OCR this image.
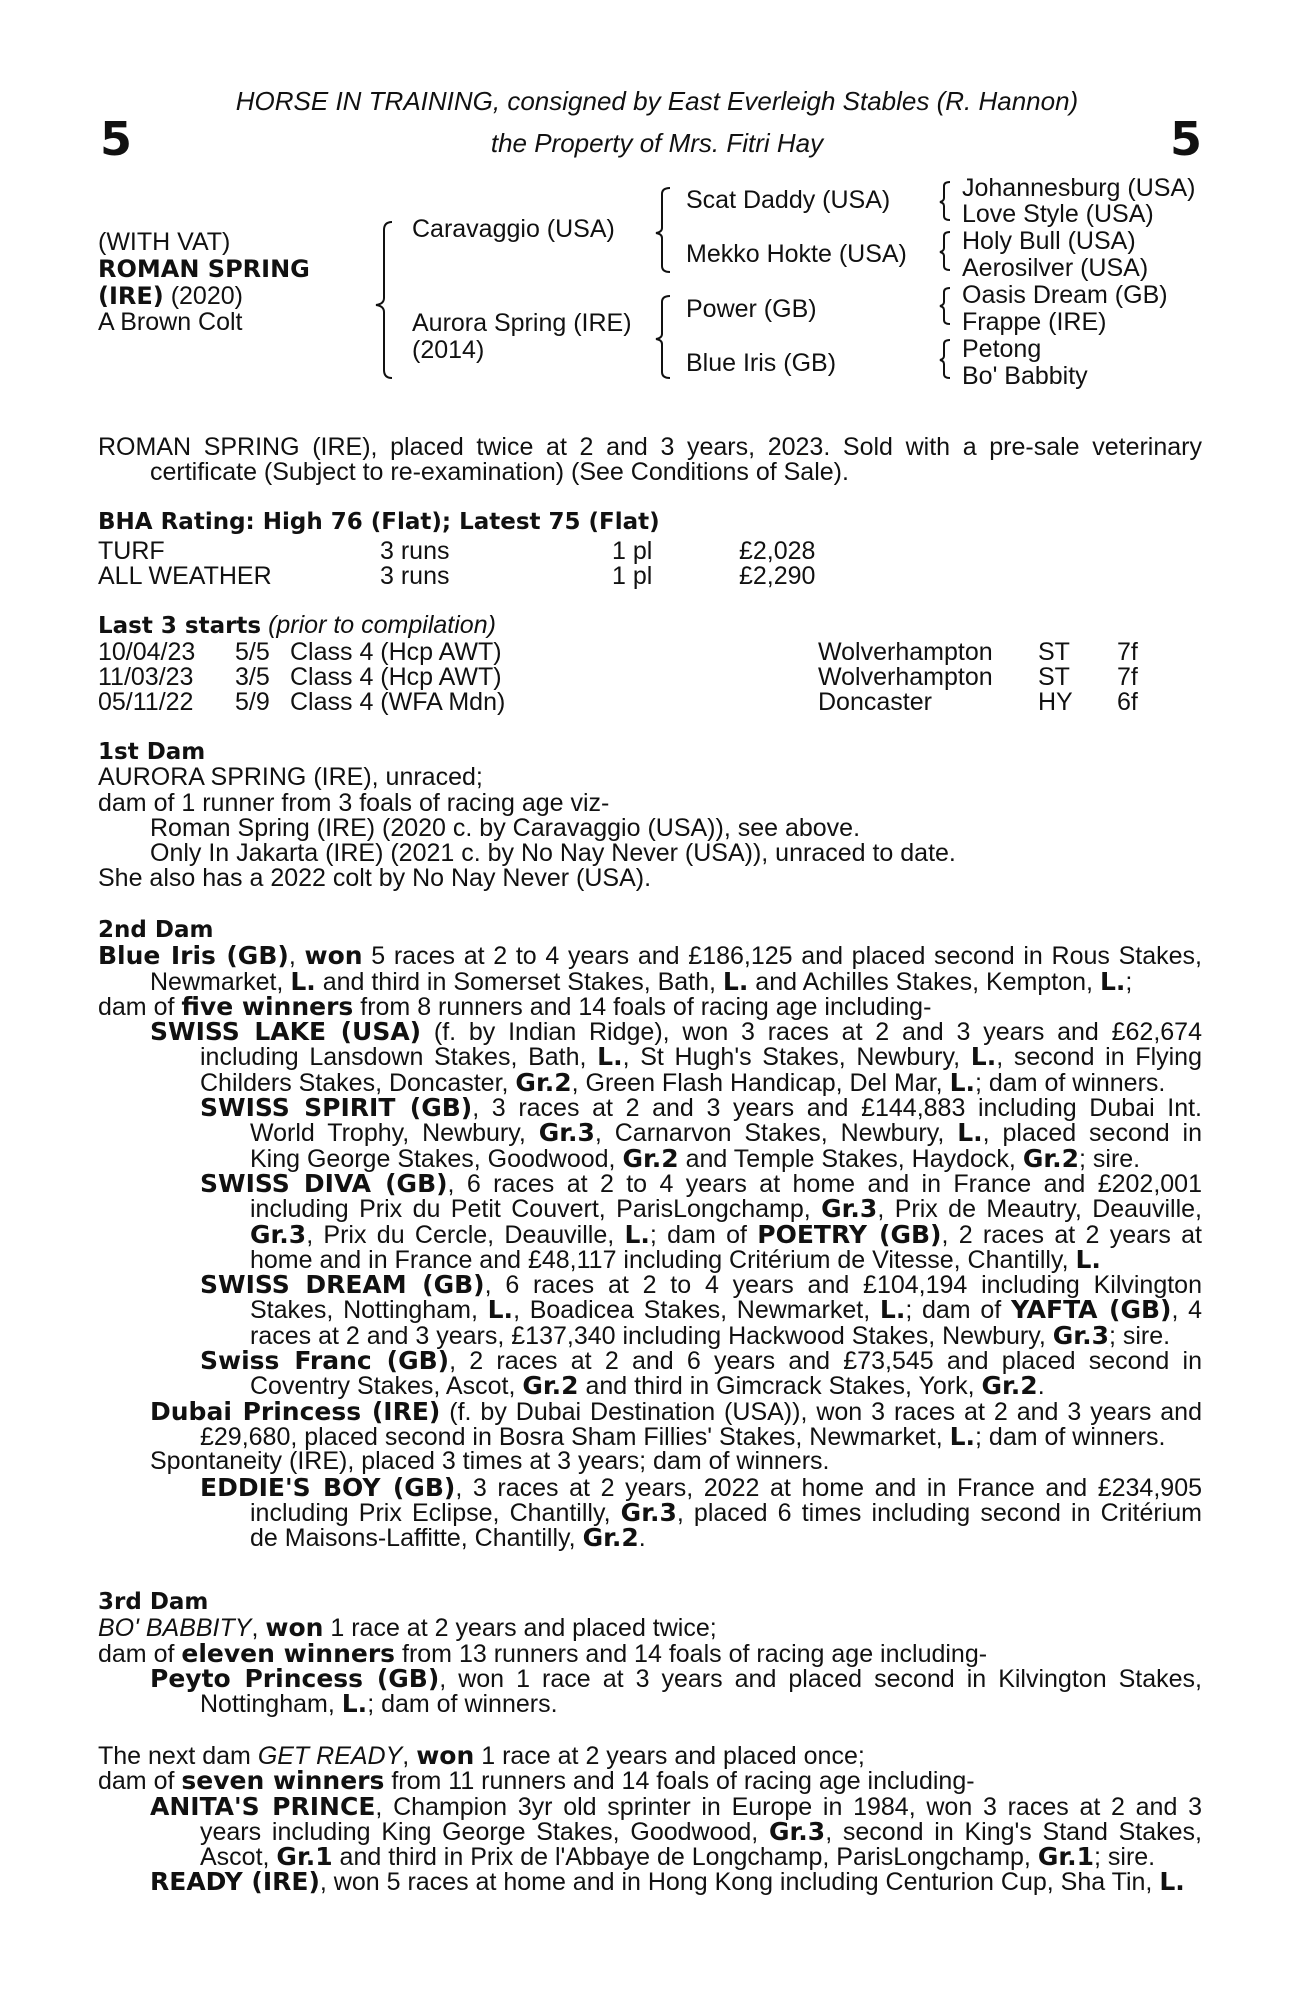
5	5
HORSE IN TRAINING, consigned by East Everleigh Stables (R. Hannon)
the Property of Mrs. Fitri Hay
(WITH VAT)
ROMAN SPRING
(IRE) (2020)
A Brown Colt
Caravaggio (USA)
Aurora Spring (IRE)
(2014)
Scat Daddy (USA)
Mekko Hokte (USA)
Power (GB)
Blue Iris (GB)
Johannesburg (USA)
Love Style (USA)
Holy Bull (USA)
Aerosilver (USA)
Oasis Dream (GB)
Frappe (IRE)
Petong
Bo' Babbity
ROMAN SPRING (IRE), placed twice at 2 and 3 years, 2023. Sold with a pre-sale veterinary
certificate (Subject to re-examination) (See Conditions of Sale).
BHA Rating: High 76 (Flat); Latest 75 (Flat)
TURF	3 runs	1 pl	£2,028
ALL WEATHER	3 runs	1 pl	£2,290
Last 3 starts (prior to compilation)
10/04/23 5/5 Class 4 (Hcp AWT)	Wolverhampton ST 7f
11/03/23 3/5 Class 4 (Hcp AWT)	Wolverhampton ST 7f
05/11/22 5/9 Class 4 (WFA Mdn)	Doncaster	HY 6f
1st Dam
AURORA SPRING (IRE), unraced;
dam of 1 runner from 3 foals of racing age viz-
Roman Spring (IRE) (2020 c. by Caravaggio (USA)), see above.
Only In Jakarta (IRE) (2021 c. by No Nay Never (USA)), unraced to date.
She also has a 2022 colt by No Nay Never (USA).
2nd Dam
Blue Iris (GB), won 5 races at 2 to 4 years and £186,125 and placed second in Rous Stakes,
Newmarket, L. and third in Somerset Stakes, Bath, L. and Achilles Stakes, Kempton, L.;
dam of five winners from 8 runners and 14 foals of racing age including-
SWISS LAKE (USA) (f. by Indian Ridge), won 3 races at 2 and 3 years and £62,674
including Lansdown Stakes, Bath, L., St Hugh's Stakes, Newbury, L., second in Flying
Childers Stakes, Doncaster, Gr.2, Green Flash Handicap, Del Mar, L.; dam of winners.
SWISS SPIRIT (GB), 3 races at 2 and 3 years and £144,883 including Dubai Int.
World Trophy, Newbury, Gr.3, Carnarvon Stakes, Newbury, L., placed second in
King George Stakes, Goodwood, Gr.2 and Temple Stakes, Haydock, Gr.2; sire.
SWISS DIVA (GB), 6 races at 2 to 4 years at home and in France and £202,001
including Prix du Petit Couvert, ParisLongchamp, Gr.3, Prix de Meautry, Deauville,
Gr.3, Prix du Cercle, Deauville, L.; dam of POETRY (GB), 2 races at 2 years at
home and in France and £48,117 including Critérium de Vitesse, Chantilly, L.
SWISS DREAM (GB), 6 races at 2 to 4 years and £104,194 including Kilvington
Stakes, Nottingham, L., Boadicea Stakes, Newmarket, L.; dam of YAFTA (GB), 4
races at 2 and 3 years, £137,340 including Hackwood Stakes, Newbury, Gr.3; sire.
Swiss Franc (GB), 2 races at 2 and 6 years and £73,545 and placed second in
Coventry Stakes, Ascot, Gr.2 and third in Gimcrack Stakes, York, Gr.2.
Dubai Princess (IRE) (f. by Dubai Destination (USA)), won 3 races at 2 and 3 years and
£29,680, placed second in Bosra Sham Fillies' Stakes, Newmarket, L.; dam of winners.
Spontaneity (IRE), placed 3 times at 3 years; dam of winners.
EDDIE'S BOY (GB), 3 races at 2 years, 2022 at home and in France and £234,905
including Prix Eclipse, Chantilly, Gr.3, placed 6 times including second in Critérium
de Maisons-Laffitte, Chantilly, Gr.2.
3rd Dam
BO' BABBITY, won 1 race at 2 years and placed twice;
dam of eleven winners from 13 runners and 14 foals of racing age including-
Peyto Princess (GB), won 1 race at 3 years and placed second in Kilvington Stakes,
Nottingham, L.; dam of winners.
The next dam GET READY, won 1 race at 2 years and placed once;
dam of seven winners from 11 runners and 14 foals of racing age including-
ANITA'S PRINCE, Champion 3yr old sprinter in Europe in 1984, won 3 races at 2 and 3
years including King George Stakes, Goodwood, Gr.3, second in King's Stand Stakes,
Ascot, Gr.1 and third in Prix de l'Abbaye de Longchamp, ParisLongchamp, Gr.1; sire.
READY (IRE), won 5 races at home and in Hong Kong including Centurion Cup, Sha Tin, L.
